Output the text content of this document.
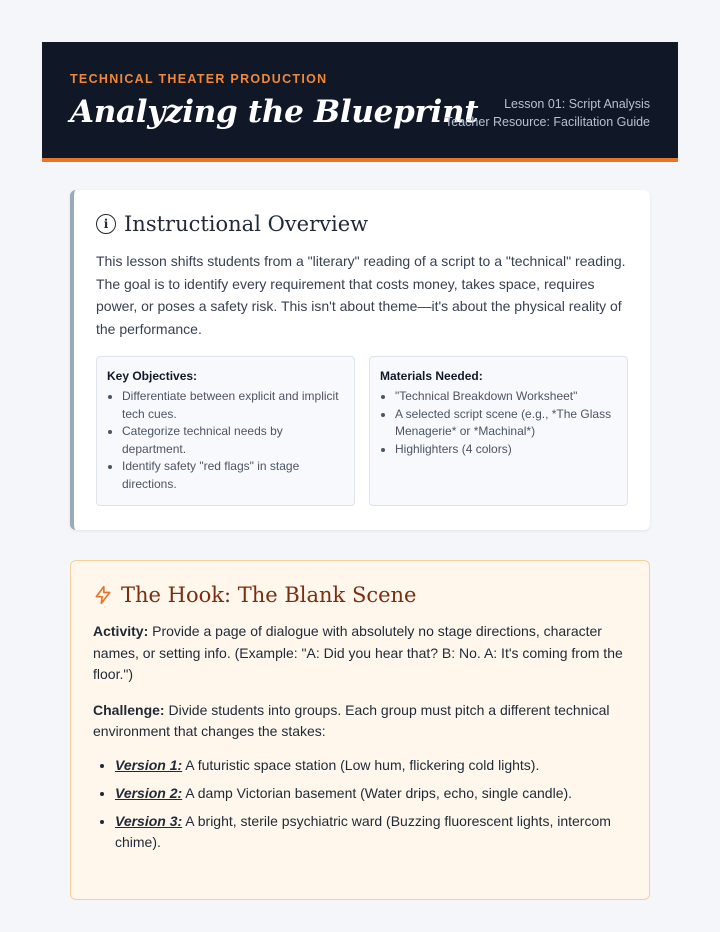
TECHNICAL THEATER PRODUCTION
Analyzing the Blueprint	Lesson 01: Script Analysis
Teacher Resource: Facilitation Guide
i Instructional Overview

This lesson shifts students from a "literary" reading of a script to a "technical" reading. The goal is to identify every requirement that costs money, takes space, requires power, or poses a safety risk. This isn't about theme—it's about the physical reality of the performance.

Key Objectives:
• Differentiate between explicit and implicit tech cues.
• Categorize technical needs by department.
• Identify safety "red flags" in stage directions.
Materials Needed:
• "Technical Breakdown Worksheet"
• A selected script scene (e.g., *The Glass Menagerie* or *Machinal*)
• Highlighters (4 colors)
The Hook: The Blank Scene

Activity: Provide a page of dialogue with absolutely no stage directions, character names, or setting info. (Example: "A: Did you hear that? B: No. A: It's coming from the floor.")

Challenge: Divide students into groups. Each group must pitch a different technical environment that changes the stakes:

• Version 1: A futuristic space station (Low hum, flickering cold lights).
• Version 2: A damp Victorian basement (Water drips, echo, single candle).
• Version 3: A bright, sterile psychiatric ward (Buzzing fluorescent lights, intercom chime).
